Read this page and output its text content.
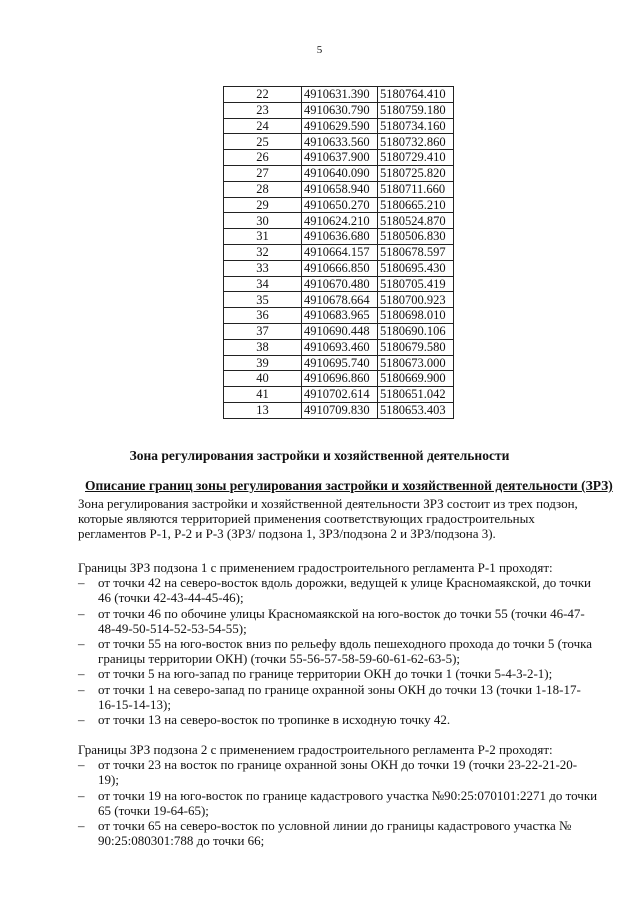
5
22	4910631.390	5180764.410
23	4910630.790	5180759.180
24	4910629.590	5180734.160
25	4910633.560	5180732.860
26	4910637.900	5180729.410
27	4910640.090	5180725.820
28	4910658.940	5180711.660
29	4910650.270	5180665.210
30	4910624.210	5180524.870
31	4910636.680	5180506.830
32	4910664.157	5180678.597
33	4910666.850	5180695.430
34	4910670.480	5180705.419
35	4910678.664	5180700.923
36	4910683.965	5180698.010
37	4910690.448	5180690.106
38	4910693.460	5180679.580
39	4910695.740	5180673.000
40	4910696.860	5180669.900
41	4910702.614	5180651.042
13	4910709.830	5180653.403
Зона регулирования застройки и хозяйственной деятельности
Описание границ зоны регулирования застройки и хозяйственной деятельности (ЗРЗ)

Зона регулирования застройки и хозяйственной деятельности ЗРЗ состоит из трех подзон, которые являются территорией применения соответствующих градостроительных регламентов Р-1, Р-2 и Р-3 (ЗРЗ/ подзона 1, ЗРЗ/подзона 2 и ЗРЗ/подзона 3).

Границы ЗРЗ подзона 1 с применением градостроительного регламента Р-1 проходят:

– от точки 42 на северо-восток вдоль дорожки, ведущей к улице Красномаякской, до точки 46 (точки 42-43-44-45-46);
– от точки 46 по обочине улицы Красномаякской на юго-восток до точки 55 (точки 46-47-48-49-50-514-52-53-54-55);
– от точки 55 на юго-восток вниз по рельефу вдоль пешеходного прохода до точки 5 (точка границы территории ОКН) (точки 55-56-57-58-59-60-61-62-63-5);
– от точки 5 на юго-запад по границе территории ОКН до точки 1 (точки 5-4-3-2-1);
– от точки 1 на северо-запад по границе охранной зоны ОКН до точки 13 (точки 1-18-17-16-15-14-13);
– от точки 13 на северо-восток по тропинке в исходную точку 42.

Границы ЗРЗ подзона 2 с применением градостроительного регламента Р-2 проходят:

– от точки 23 на восток по границе охранной зоны ОКН до точки 19 (точки 23-22-21-20-19);
– от точки 19 на юго-восток по границе кадастрового участка №90:25:070101:2271 до точки 65 (точки 19-64-65);
– от точки 65 на северо-восток по условной линии до границы кадастрового участка № 90:25:080301:788 до точки 66;
